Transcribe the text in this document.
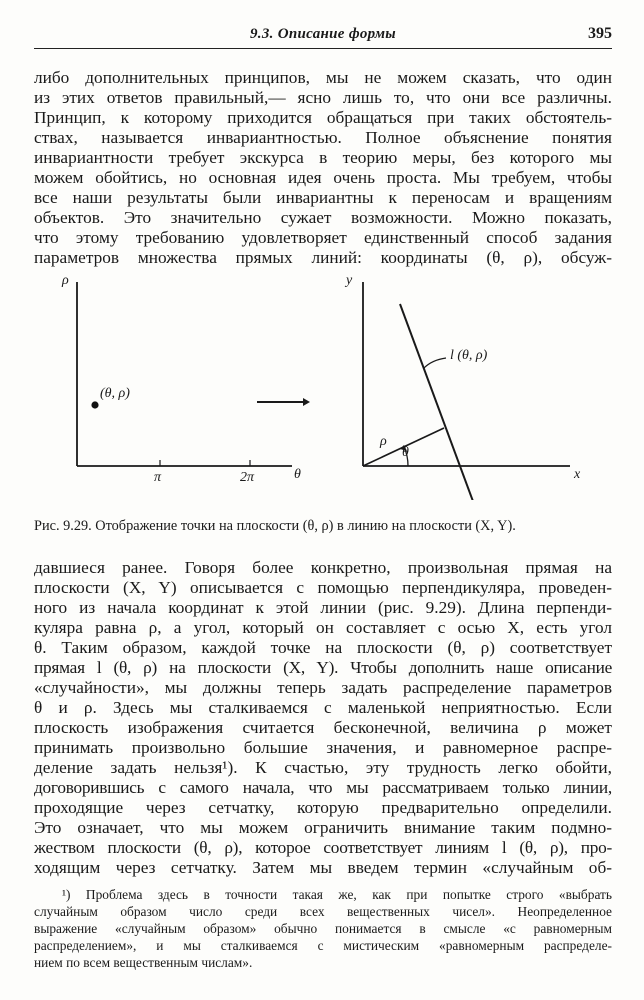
9.3. Описание формы	395
либо дополнительных принципов, мы не можем сказать, что один
из этих ответов правильный,— ясно лишь то, что они все различны.
Принцип, к которому приходится обращаться при таких обстоятель-
ствах, называется инвариантностью. Полное объяснение понятия
инвариантности требует экскурса в теорию меры, без которого мы
можем обойтись, но основная идея очень проста. Мы требуем, чтобы
все наши результаты были инвариантны к переносам и вращениям
объектов. Это значительно сужает возможности. Можно показать,
что этому требованию удовлетворяет единственный способ задания
параметров множества прямых линий: координаты (θ, ρ), обсуж-
ρ
θ
π	2π
(θ, ρ)
y
x
l (θ, ρ)
ρ
θ
Рис. 9.29. Отображение точки на плоскости (θ, ρ) в линию на плоскости (X, Y).
давшиеся ранее. Говоря более конкретно, произвольная прямая на
плоскости (X, Y) описывается с помощью перпендикуляра, проведен-
ного из начала координат к этой линии (рис. 9.29). Длина перпенди-
куляра равна ρ, а угол, который он составляет с осью X, есть угол
θ. Таким образом, каждой точке на плоскости (θ, ρ) соответствует
прямая l (θ, ρ) на плоскости (X, Y). Чтобы дополнить наше описание
«случайности», мы должны теперь задать распределение параметров
θ и ρ. Здесь мы сталкиваемся с маленькой неприятностью. Если
плоскость изображения считается бесконечной, величина ρ может
принимать произвольно большие значения, и равномерное распре-
деление задать нельзя¹). К счастью, эту трудность легко обойти,
договорившись с самого начала, что мы рассматриваем только линии,
проходящие через сетчатку, которую предварительно определили.
Это означает, что мы можем ограничить внимание таким подмно-
жеством плоскости (θ, ρ), которое соответствует линиям l (θ, ρ), про-
ходящим через сетчатку. Затем мы введем термин «случайным об-
¹) Проблема здесь в точности такая же, как при попытке строго «выбрать
случайным образом число среди всех вещественных чисел». Неопределенное
выражение «случайным образом» обычно понимается в смысле «с равномерным
распределением», и мы сталкиваемся с мистическим «равномерным распределе-
нием по всем вещественным числам».
